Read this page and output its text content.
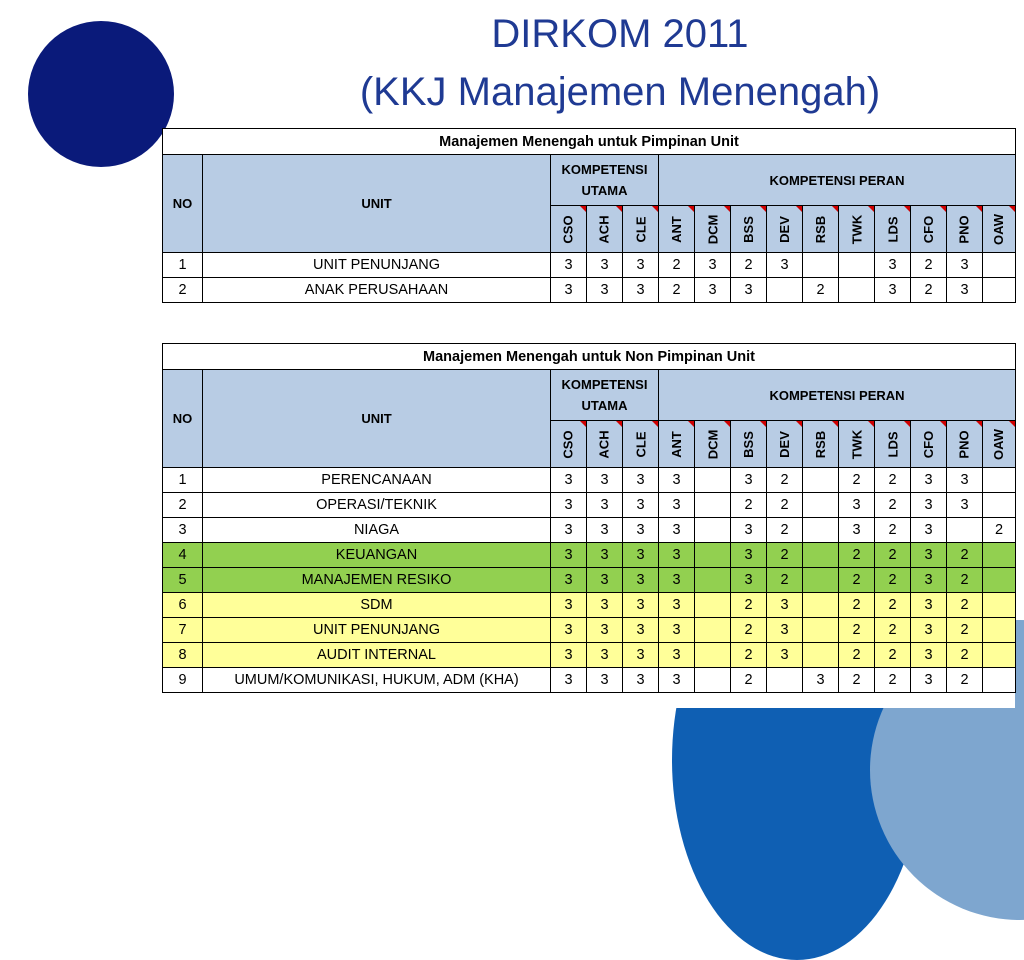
DIRKOM 2011
(KKJ Manajemen Menengah)
Manajemen Menengah untuk Pimpinan Unit														
NO	UNIT	KOMPETENSI UTAMA			KOMPETENSI PERAN									
		CSO	ACH	CLE	ANT	DCM	BSS	DEV	RSB	TWK	LDS	CFO	PNO	OAW
1	UNIT PENUNJANG	3	3	3	2	3	2	3			3	2	3	
2	ANAK PERUSAHAAN	3	3	3	2	3	3		2		3	2	3	

Manajemen Menengah untuk Non Pimpinan Unit														
NO	UNIT	KOMPETENSI UTAMA			KOMPETENSI PERAN									
		CSO	ACH	CLE	ANT	DCM	BSS	DEV	RSB	TWK	LDS	CFO	PNO	OAW
1	PERENCANAAN	3	3	3	3		3	2		2	2	3	3	
2	OPERASI/TEKNIK	3	3	3	3		2	2		3	2	3	3	
3	NIAGA	3	3	3	3		3	2		3	2	3		2
4	KEUANGAN	3	3	3	3		3	2		2	2	3	2	
5	MANAJEMEN RESIKO	3	3	3	3		3	2		2	2	3	2	
6	SDM	3	3	3	3		2	3		2	2	3	2	
7	UNIT PENUNJANG	3	3	3	3		2	3		2	2	3	2	
8	AUDIT INTERNAL	3	3	3	3		2	3		2	2	3	2	
9	UMUM/KOMUNIKASI, HUKUM, ADM (KHA)	3	3	3	3		2		3	2	2	3	2	
